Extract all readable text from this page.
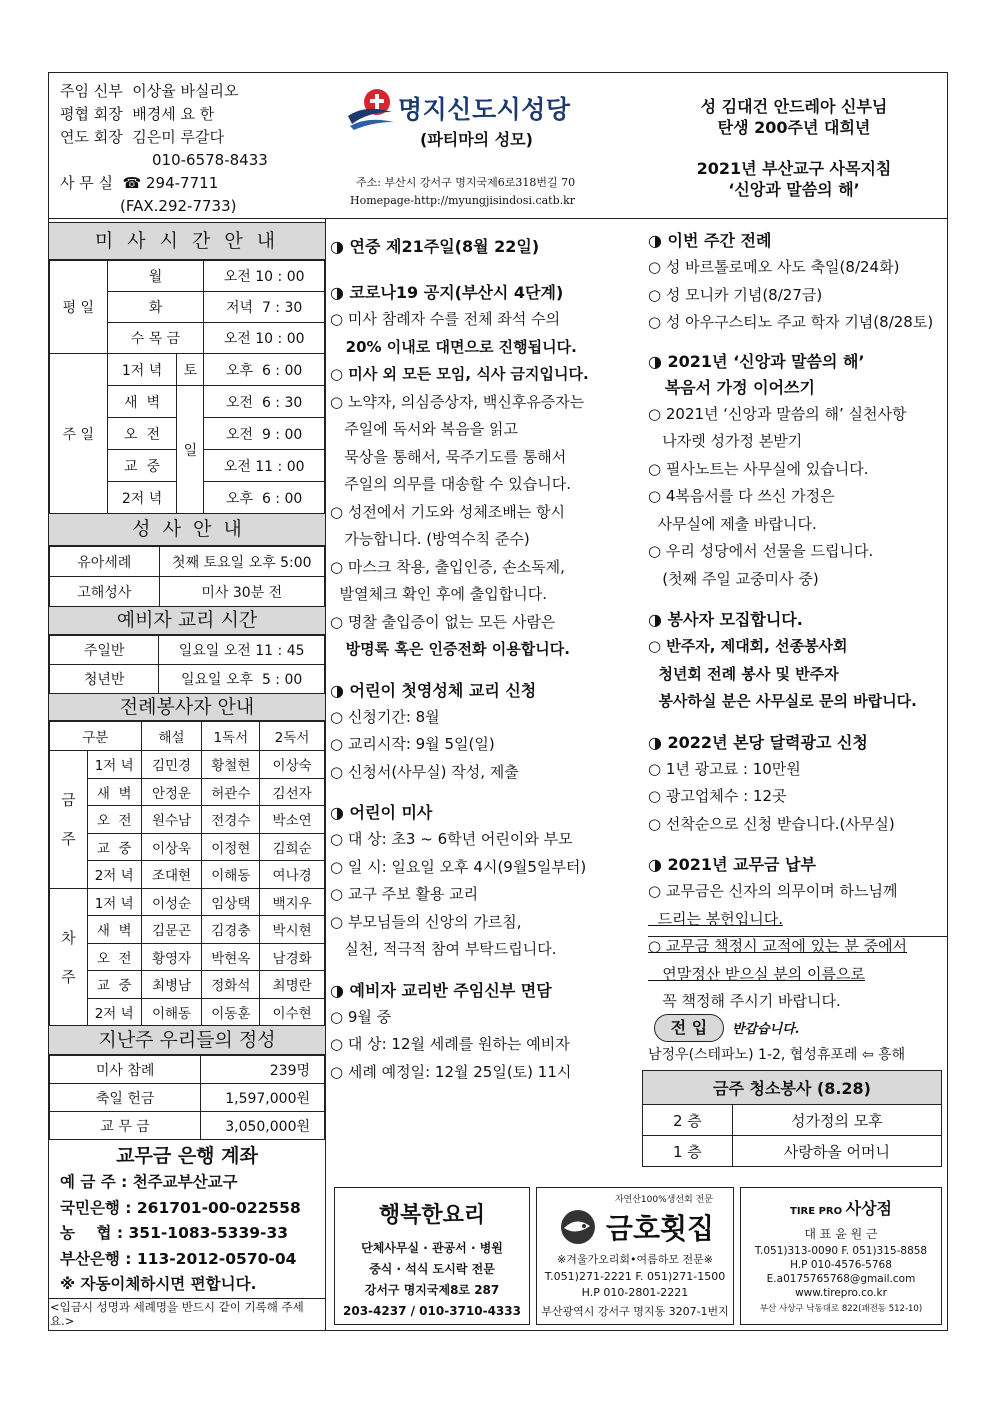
주임 신부 이상율 바실리오
평협 회장 배경세 요 한
연도 회장 김은미 루갈다
010-6578-8433
사 무 실 ☎ 294-7711
(FAX.292-7733)
명지신도시성당
(파티마의 성모)
주소: 부산시 강서구 명지국제6로318번길 70
Homepage-http://myungjisindosi.catb.kr
성 김대건 안드레아 신부님
탄생 200주년 대희년
2021년 부산교구 사목지침
‘신앙과 말씀의 해’
미 사 시 간 안 내
평 일	월		오전 10 : 00
	화		저녁  7 : 30
	수 목 금		오전 10 : 00
주 일	1저 녁	토	오후  6 : 00
	새  벽	일	오전  6 : 30
	오  전		오전  9 : 00
	교  중		오전 11 : 00
	2저 녁		오후  6 : 00
성  사  안  내
유아세례	첫째 토요일 오후 5:00
고해성사	미사 30분 전
예비자 교리 시간
주일반	일요일 오전 11 : 45
청년반	일요일 오후  5 : 00
전례봉사자 안내
구분		해설	1독서	2독서
금

주	1저 녁	김민경	황철현	이상숙
	새  벽	안정운	허관수	김선자
	오  전	원수남	전경수	박소연
	교  중	이상욱	이정현	김희순
	2저 녁	조대현	이해동	여나경
차

주	1저 녁	이성순	임상택	백지우
	새  벽	김문곤	김경충	박시현
	오  전	황영자	박현옥	남경화
	교  중	최병남	정화석	최명란
	2저 녁	이해동	이동훈	이수현
지난주 우리들의 정성
미사 참례	239명
축일 헌금	1,597,000원
교 무 금	3,050,000원
교무금 은행 계좌
예 금 주 : 천주교부산교구
국민은행 : 261701-00-022558
농    협 : 351-1083-5339-33
부산은행 : 113-2012-0570-04
※ 자동이체하시면 편합니다.
<입금시 성명과 세례명을 반드시 같이 기록해 주세요.>
◑ 연중 제21주일(8월 22일)
◑ 코로나19 공지(부산시 4단계)
○ 미사 참례자 수를 전체 좌석 수의
20% 이내로 대면으로 진행됩니다.
○ 미사 외 모든 모임, 식사 금지입니다.
○ 노약자, 의심증상자, 백신후유증자는
주일에 독서와 복음을 읽고
묵상을 통해서, 묵주기도를 통해서
주일의 의무를 대송할 수 있습니다.
○ 성전에서 기도와 성체조배는 항시
가능합니다. (방역수칙 준수)
○ 마스크 착용, 출입인증, 손소독제,
발열체크 확인 후에 출입합니다.
○ 명찰 출입증이 없는 모든 사람은
방명록 혹은 인증전화 이용합니다.
◑ 어린이 첫영성체 교리 신청
○ 신청기간: 8월
○ 교리시작: 9월 5일(일)
○ 신청서(사무실) 작성, 제출
◑ 어린이 미사
○ 대 상: 초3 ~ 6학년 어린이와 부모
○ 일 시: 일요일 오후 4시(9월5일부터)
○ 교구 주보 활용 교리
○ 부모님들의 신앙의 가르침,
실천, 적극적 참여 부탁드립니다.
◑ 예비자 교리반 주임신부 면담
○ 9월 중
○ 대 상: 12월 세례를 원하는 예비자
○ 세례 예정일: 12월 25일(토) 11시
◑ 이번 주간 전례
○ 성 바르톨로메오 사도 축일(8/24화)
○ 성 모니카 기념(8/27금)
○ 성 아우구스티노 주교 학자 기념(8/28토)
◑ 2021년 ‘신앙과 말씀의 해’
복음서 가정 이어쓰기
○ 2021년 ‘신앙과 말씀의 해’ 실천사항
나자렛 성가정 본받기
○ 필사노트는 사무실에 있습니다.
○ 4복음서를 다 쓰신 가정은
사무실에 제출 바랍니다.
○ 우리 성당에서 선물을 드립니다.
(첫째 주일 교중미사 중)
◑ 봉사자 모집합니다.
○ 반주자, 제대회, 선종봉사회
청년회 전례 봉사 및 반주자
봉사하실 분은 사무실로 문의 바랍니다.
◑ 2022년 본당 달력광고 신청
○ 1년 광고료 : 10만원
○ 광고업체수 : 12곳
○ 선착순으로 신청 받습니다.(사무실)
◑ 2021년 교무금 납부
○ 교무금은 신자의 의무이며 하느님께
드리는 봉헌입니다.
○ 교무금 책정시 교적에 있는 분 중에서
연말정산 받으실 분의 이름으로
꼭 책정해 주시기 바랍니다.
전 입	반갑습니다.
남정우(스테파노) 1-2, 협성휴포레 ⇦ 흥해
금주 청소봉사 (8.28)	
2 층	성가정의 모후
1 층	사랑하올 어머니
행복한요리
단체사무실 · 관공서 · 병원
중식 · 석식 도시락 전문
강서구 명지국제8로 287
203-4237 / 010-3710-4333
자연산100%생선회 전문
금호횟집
※겨울가오리회•여름하모 전문※
T.051)271-2221 F. 051)271-1500
H.P 010-2801-2221
부산광역시 강서구 명지동 3207-1번지
TIRE PRO 사상점
대 표 윤 원 근
T.051)313-0090 F. 051)315-8858
H.P 010-4576-5768
E.a0175765768@gmail.com
www.tirepro.co.kr
부산 사상구 낙동대로 822(괘전동 512-10)
